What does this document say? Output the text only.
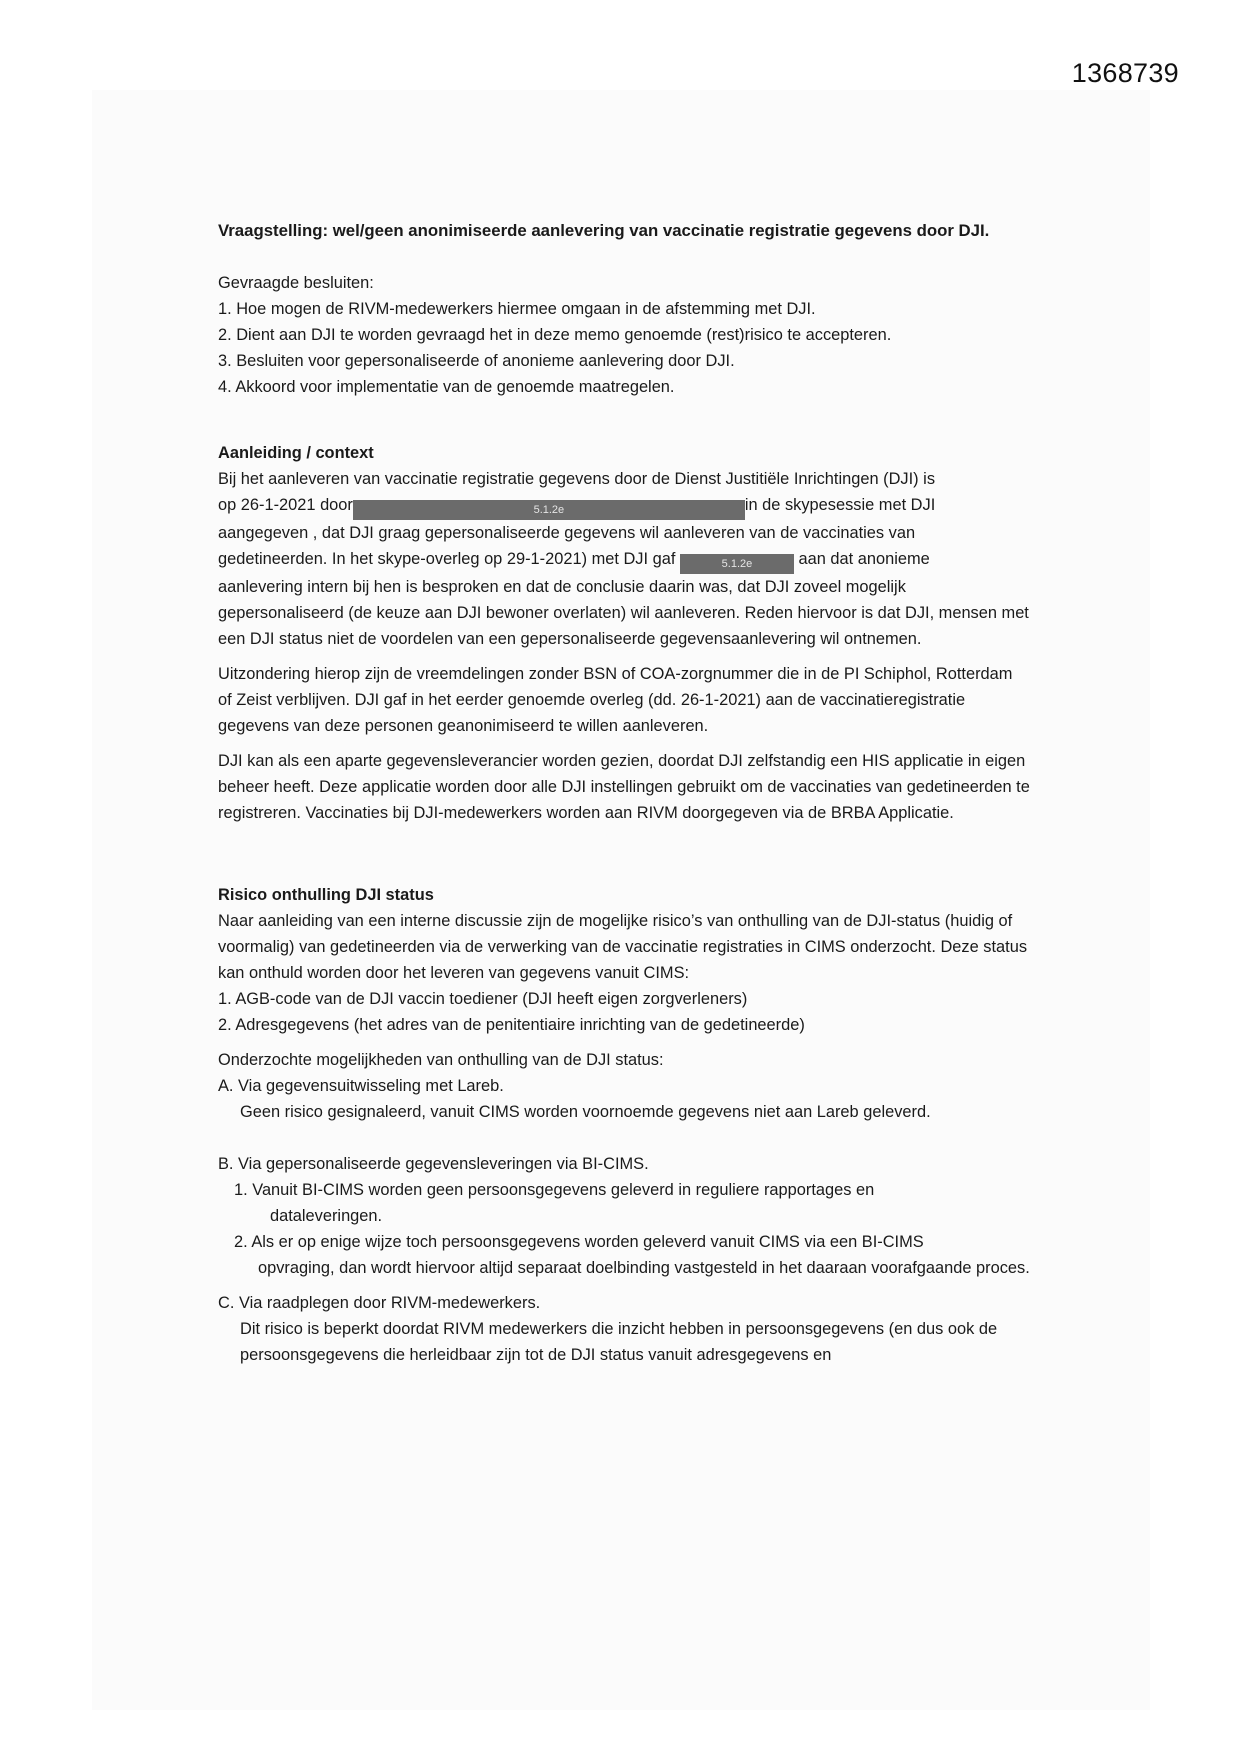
1368739

Vraagstelling: wel/geen anonimiseerde aanlevering van vaccinatie registratie gegevens door DJI.

Gevraagde besluiten:

1. Hoe mogen de RIVM-medewerkers hiermee omgaan in de afstemming met DJI.

2. Dient aan DJI te worden gevraagd het in deze memo genoemde (rest)risico te accepteren.

3. Besluiten voor gepersonaliseerde of anonieme aanlevering door DJI.

4. Akkoord voor implementatie van de genoemde maatregelen.

Aanleiding / context

Bij het aanleveren van vaccinatie registratie gegevens door de Dienst Justitiële Inrichtingen (DJI) is

op 26-1-2021 door	5.1.2e	in de skypesessie met DJI

aangegeven , dat DJI graag gepersonaliseerde gegevens wil aanleveren van de vaccinaties van

gedetineerden. In het skype-overleg op 29-1-2021) met DJI gaf	5.1.2e	aan dat anonieme

aanlevering intern bij hen is besproken en dat de conclusie daarin was, dat DJI zoveel mogelijk gepersonaliseerd (de keuze aan DJI bewoner overlaten) wil aanleveren. Reden hiervoor is dat DJI, mensen met een DJI status niet de voordelen van een gepersonaliseerde gegevensaanlevering wil ontnemen.

Uitzondering hierop zijn de vreemdelingen zonder BSN of COA-zorgnummer die in de PI Schiphol, Rotterdam of Zeist verblijven. DJI gaf in het eerder genoemde overleg (dd. 26-1-2021) aan de vaccinatieregistratie gegevens van deze personen geanonimiseerd te willen aanleveren.

DJI kan als een aparte gegevensleverancier worden gezien, doordat DJI zelfstandig een HIS applicatie in eigen beheer heeft. Deze applicatie worden door alle DJI instellingen gebruikt om de vaccinaties van gedetineerden te registreren. Vaccinaties bij DJI-medewerkers worden aan RIVM doorgegeven via de BRBA Applicatie.

Risico onthulling DJI status

Naar aanleiding van een interne discussie zijn de mogelijke risico’s van onthulling van de DJI-status (huidig of voormalig) van gedetineerden via de verwerking van de vaccinatie registraties in CIMS onderzocht. Deze status kan onthuld worden door het leveren van gegevens vanuit CIMS:

1. AGB-code van de DJI vaccin toediener (DJI heeft eigen zorgverleners)

2. Adresgegevens (het adres van de penitentiaire inrichting van de gedetineerde)

Onderzochte mogelijkheden van onthulling van de DJI status:

A. Via gegevensuitwisseling met Lareb.

Geen risico gesignaleerd, vanuit CIMS worden voornoemde gegevens niet aan Lareb geleverd.

B. Via gepersonaliseerde gegevensleveringen via BI-CIMS.

1. Vanuit BI-CIMS worden geen persoonsgegevens geleverd in reguliere rapportages en

dataleveringen.

2. Als er op enige wijze toch persoonsgegevens worden geleverd vanuit CIMS via een BI-CIMS

opvraging, dan wordt hiervoor altijd separaat doelbinding vastgesteld in het daaraan voorafgaande proces.

C. Via raadplegen door RIVM-medewerkers.

Dit risico is beperkt doordat RIVM medewerkers die inzicht hebben in persoonsgegevens (en dus ook de persoonsgegevens die herleidbaar zijn tot de DJI status vanuit adresgegevens en
